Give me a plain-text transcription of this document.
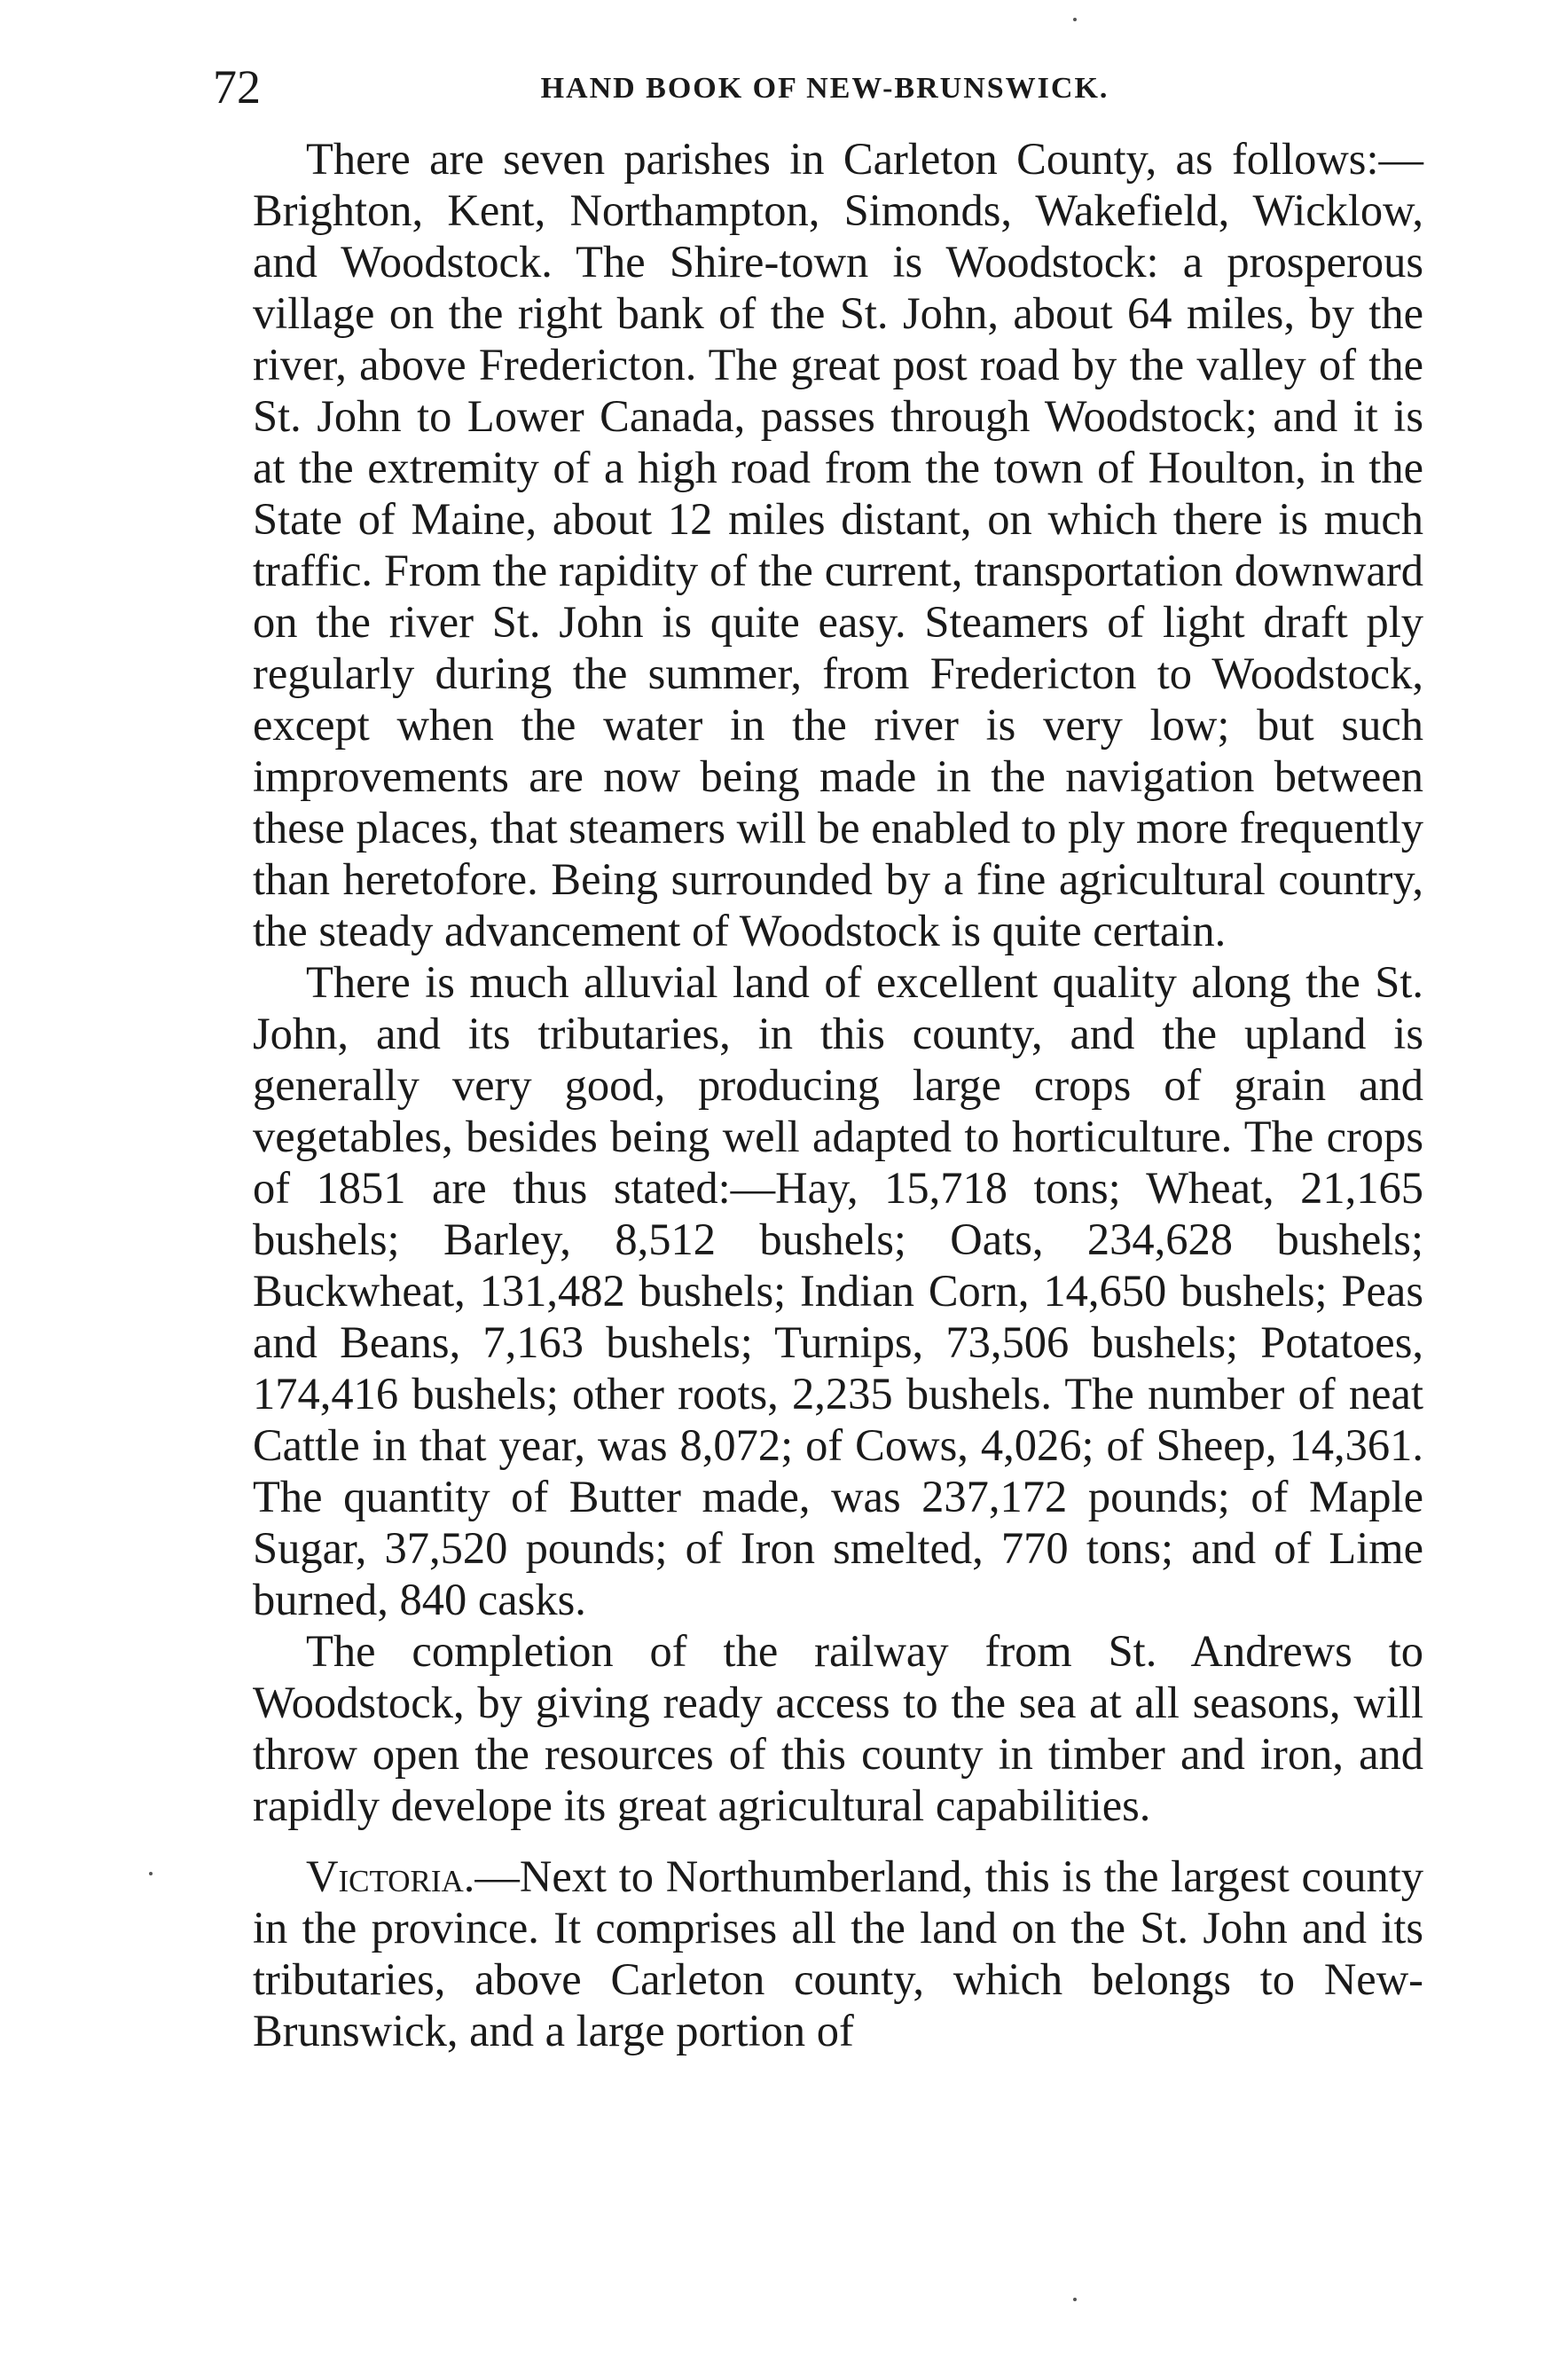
72	HAND BOOK OF NEW-BRUNSWICK.

There are seven parishes in Carleton County, as follows:—Brighton, Kent, Northampton, Simonds, Wakefield, Wicklow, and Woodstock. The Shire-town is Woodstock: a prosperous village on the right bank of the St. John, about 64 miles, by the river, above Fredericton. The great post road by the valley of the St. John to Lower Canada, passes through Woodstock; and it is at the extremity of a high road from the town of Houlton, in the State of Maine, about 12 miles distant, on which there is much traffic. From the rapidity of the current, transportation downward on the river St. John is quite easy. Steamers of light draft ply regularly during the summer, from Fredericton to Woodstock, except when the water in the river is very low; but such improvements are now being made in the navigation between these places, that steamers will be enabled to ply more frequently than heretofore. Being surrounded by a fine agricultural country, the steady advancement of Woodstock is quite certain.

There is much alluvial land of excellent quality along the St. John, and its tributaries, in this county, and the upland is generally very good, producing large crops of grain and vegetables, besides being well adapted to horticulture. The crops of 1851 are thus stated:—Hay, 15,718 tons; Wheat, 21,165 bushels; Barley, 8,512 bushels; Oats, 234,628 bushels; Buckwheat, 131,482 bushels; Indian Corn, 14,650 bushels; Peas and Beans, 7,163 bushels; Turnips, 73,506 bushels; Potatoes, 174,416 bushels; other roots, 2,235 bushels. The number of neat Cattle in that year, was 8,072; of Cows, 4,026; of Sheep, 14,361. The quantity of Butter made, was 237,172 pounds; of Maple Sugar, 37,520 pounds; of Iron smelted, 770 tons; and of Lime burned, 840 casks.

The completion of the railway from St. Andrews to Woodstock, by giving ready access to the sea at all seasons, will throw open the resources of this county in timber and iron, and rapidly develope its great agricultural capabilities.

Victoria.—Next to Northumberland, this is the largest county in the province. It comprises all the land on the St. John and its tributaries, above Carleton county, which belongs to New-Brunswick, and a large portion of
